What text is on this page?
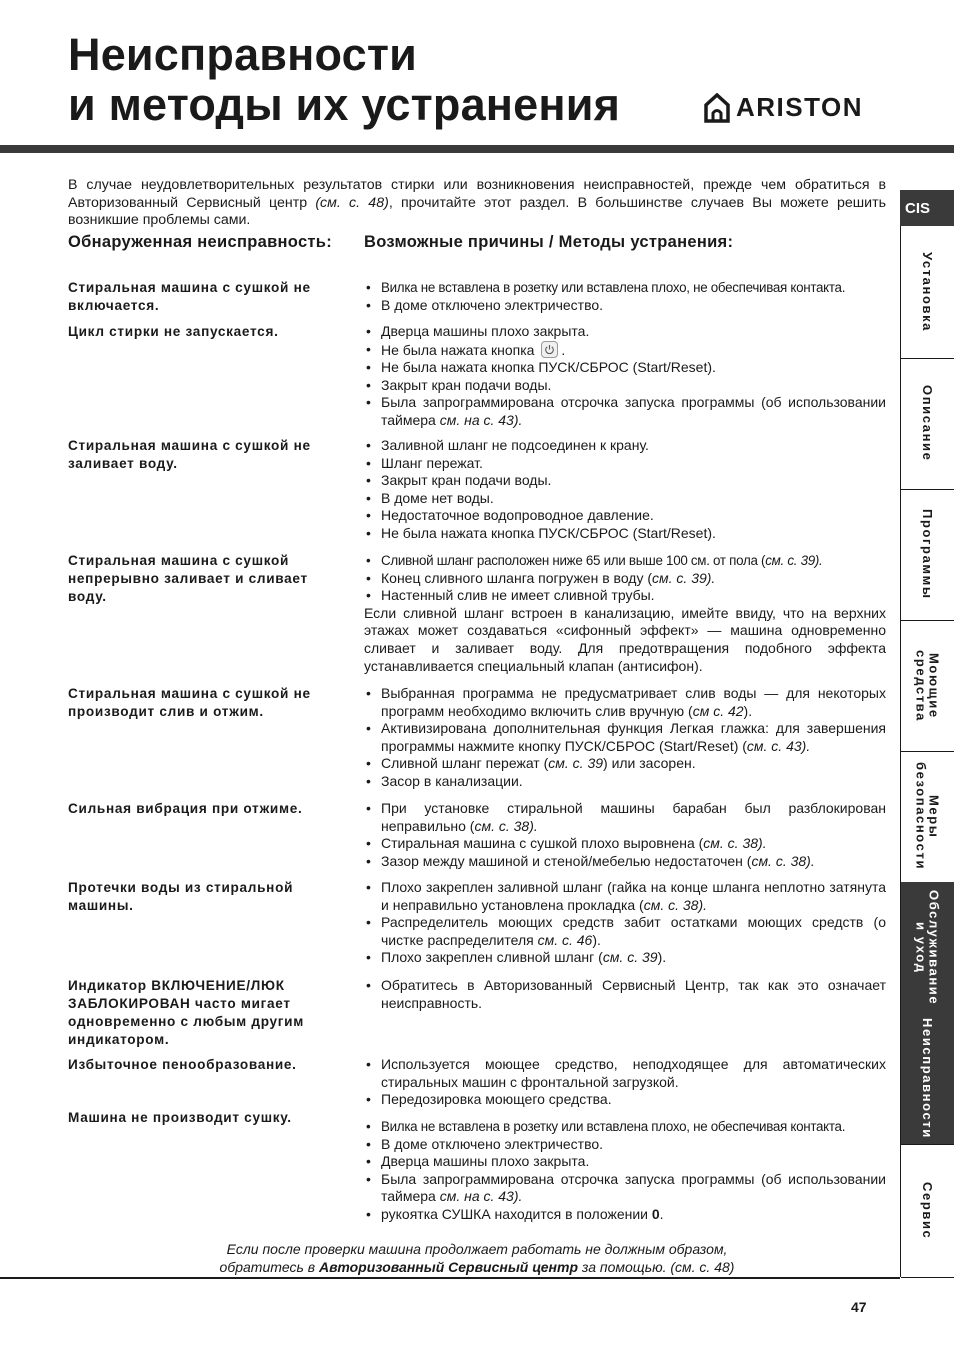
Неисправности
и методы их устранения	ARISTON
В случае неудовлетворительных результатов стирки или возникновения неисправностей, прежде чем обратиться в Авторизованный Сервисный центр (см. с. 48), прочитайте этот раздел. В большинстве случаев Вы можете решить возникшие проблемы сами.
Обнаруженная неисправность:	Возможные причины / Методы устранения:
Стиральная машина с сушкой не включается.
• Вилка не вставлена в розетку или вставлена плохо, не обеспечивая контакта.
• В доме отключено электричество.
Цикл стирки не запускается.	• Дверца машины плохо закрыта.
• Не была нажата кнопка .
• Не была нажата кнопка ПУСК/СБРОС (Start/Reset).
• Закрыт кран подачи воды.
• Была запрограммирована отсрочка запуска программы (об использовании таймера см. на с. 43).
Стиральная машина с сушкой не заливает воду.
• Заливной шланг не подсоединен к крану.
• Шланг пережат.
• Закрыт кран подачи воды.
• В доме нет воды.
• Недостаточное водопроводное давление.
• Не была нажата кнопка ПУСК/СБРОС (Start/Reset).
Стиральная машина с сушкой непрерывно заливает и сливает воду.
• Сливной шланг расположен ниже 65 или выше 100 см. от пола (см. с. 39).
• Конец сливного шланга погружен в воду (см. с. 39).
• Настенный слив не имеет сливной трубы.
Если сливной шланг встроен в канализацию, имейте ввиду, что на верхних этажах может создаваться «сифонный эффект» — машина одновременно сливает и заливает воду. Для предотвращения подобного эффекта устанавливается специальный клапан (антисифон).
Стиральная машина с сушкой не производит слив и отжим.
• Выбранная программа не предусматривает слив воды — для некоторых программ необходимо включить слив вручную (см с. 42).
• Активизирована дополнительная функция Легкая глажка: для завершения программы нажмите кнопку ПУСК/СБРОС (Start/Reset) (см. с. 43).
• Сливной шланг пережат (см. с. 39) или засорен.
• Засор в канализации.
Сильная вибрация при отжиме.	• При установке стиральной машины барабан был разблокирован неправильно (см. с. 38).
• Стиральная машина с сушкой плохо выровнена (см. с. 38).
• Зазор между машиной и стеной/мебелью недостаточен (см. с. 38).
Протечки воды из стиральной машины.
• Плохо закреплен заливной шланг (гайка на конце шланга неплотно затянута и неправильно установлена прокладка (см. с. 38).
• Распределитель моющих средств забит остатками моющих средств (о чистке распределителя см. с. 46).
• Плохо закреплен сливной шланг (см. с. 39).
Индикатор ВКЛЮЧЕНИЕ/ЛЮК ЗАБЛОКИРОВАН часто мигает одновременно с любым другим индикатором.
• Обратитесь в Авторизованный Сервисный Центр, так как это означает неисправность.
Избыточное пенообразование.	• Используется моющее средство, неподходящее для автоматических стиральных машин с фронтальной загрузкой.
• Передозировка моющего средства.
Машина не производит сушку.
• Вилка не вставлена в розетку или вставлена плохо, не обеспечивая контакта.
• В доме отключено электричество.
• Дверца машины плохо закрыта.
• Была запрограммирована отсрочка запуска программы (об использовании таймера см. на с. 43).
• рукоятка СУШКА находится в положении 0.
Если после проверки машина продолжает работать не должным образом,
обратитесь в Авторизованный Сервисный центр за помощью. (см. с. 48)
47
CIS
Установка
Описание
Программы
Моющие
средства
Меры
безопасности
Обслуживание
и уход
Неисправности
Сервис
